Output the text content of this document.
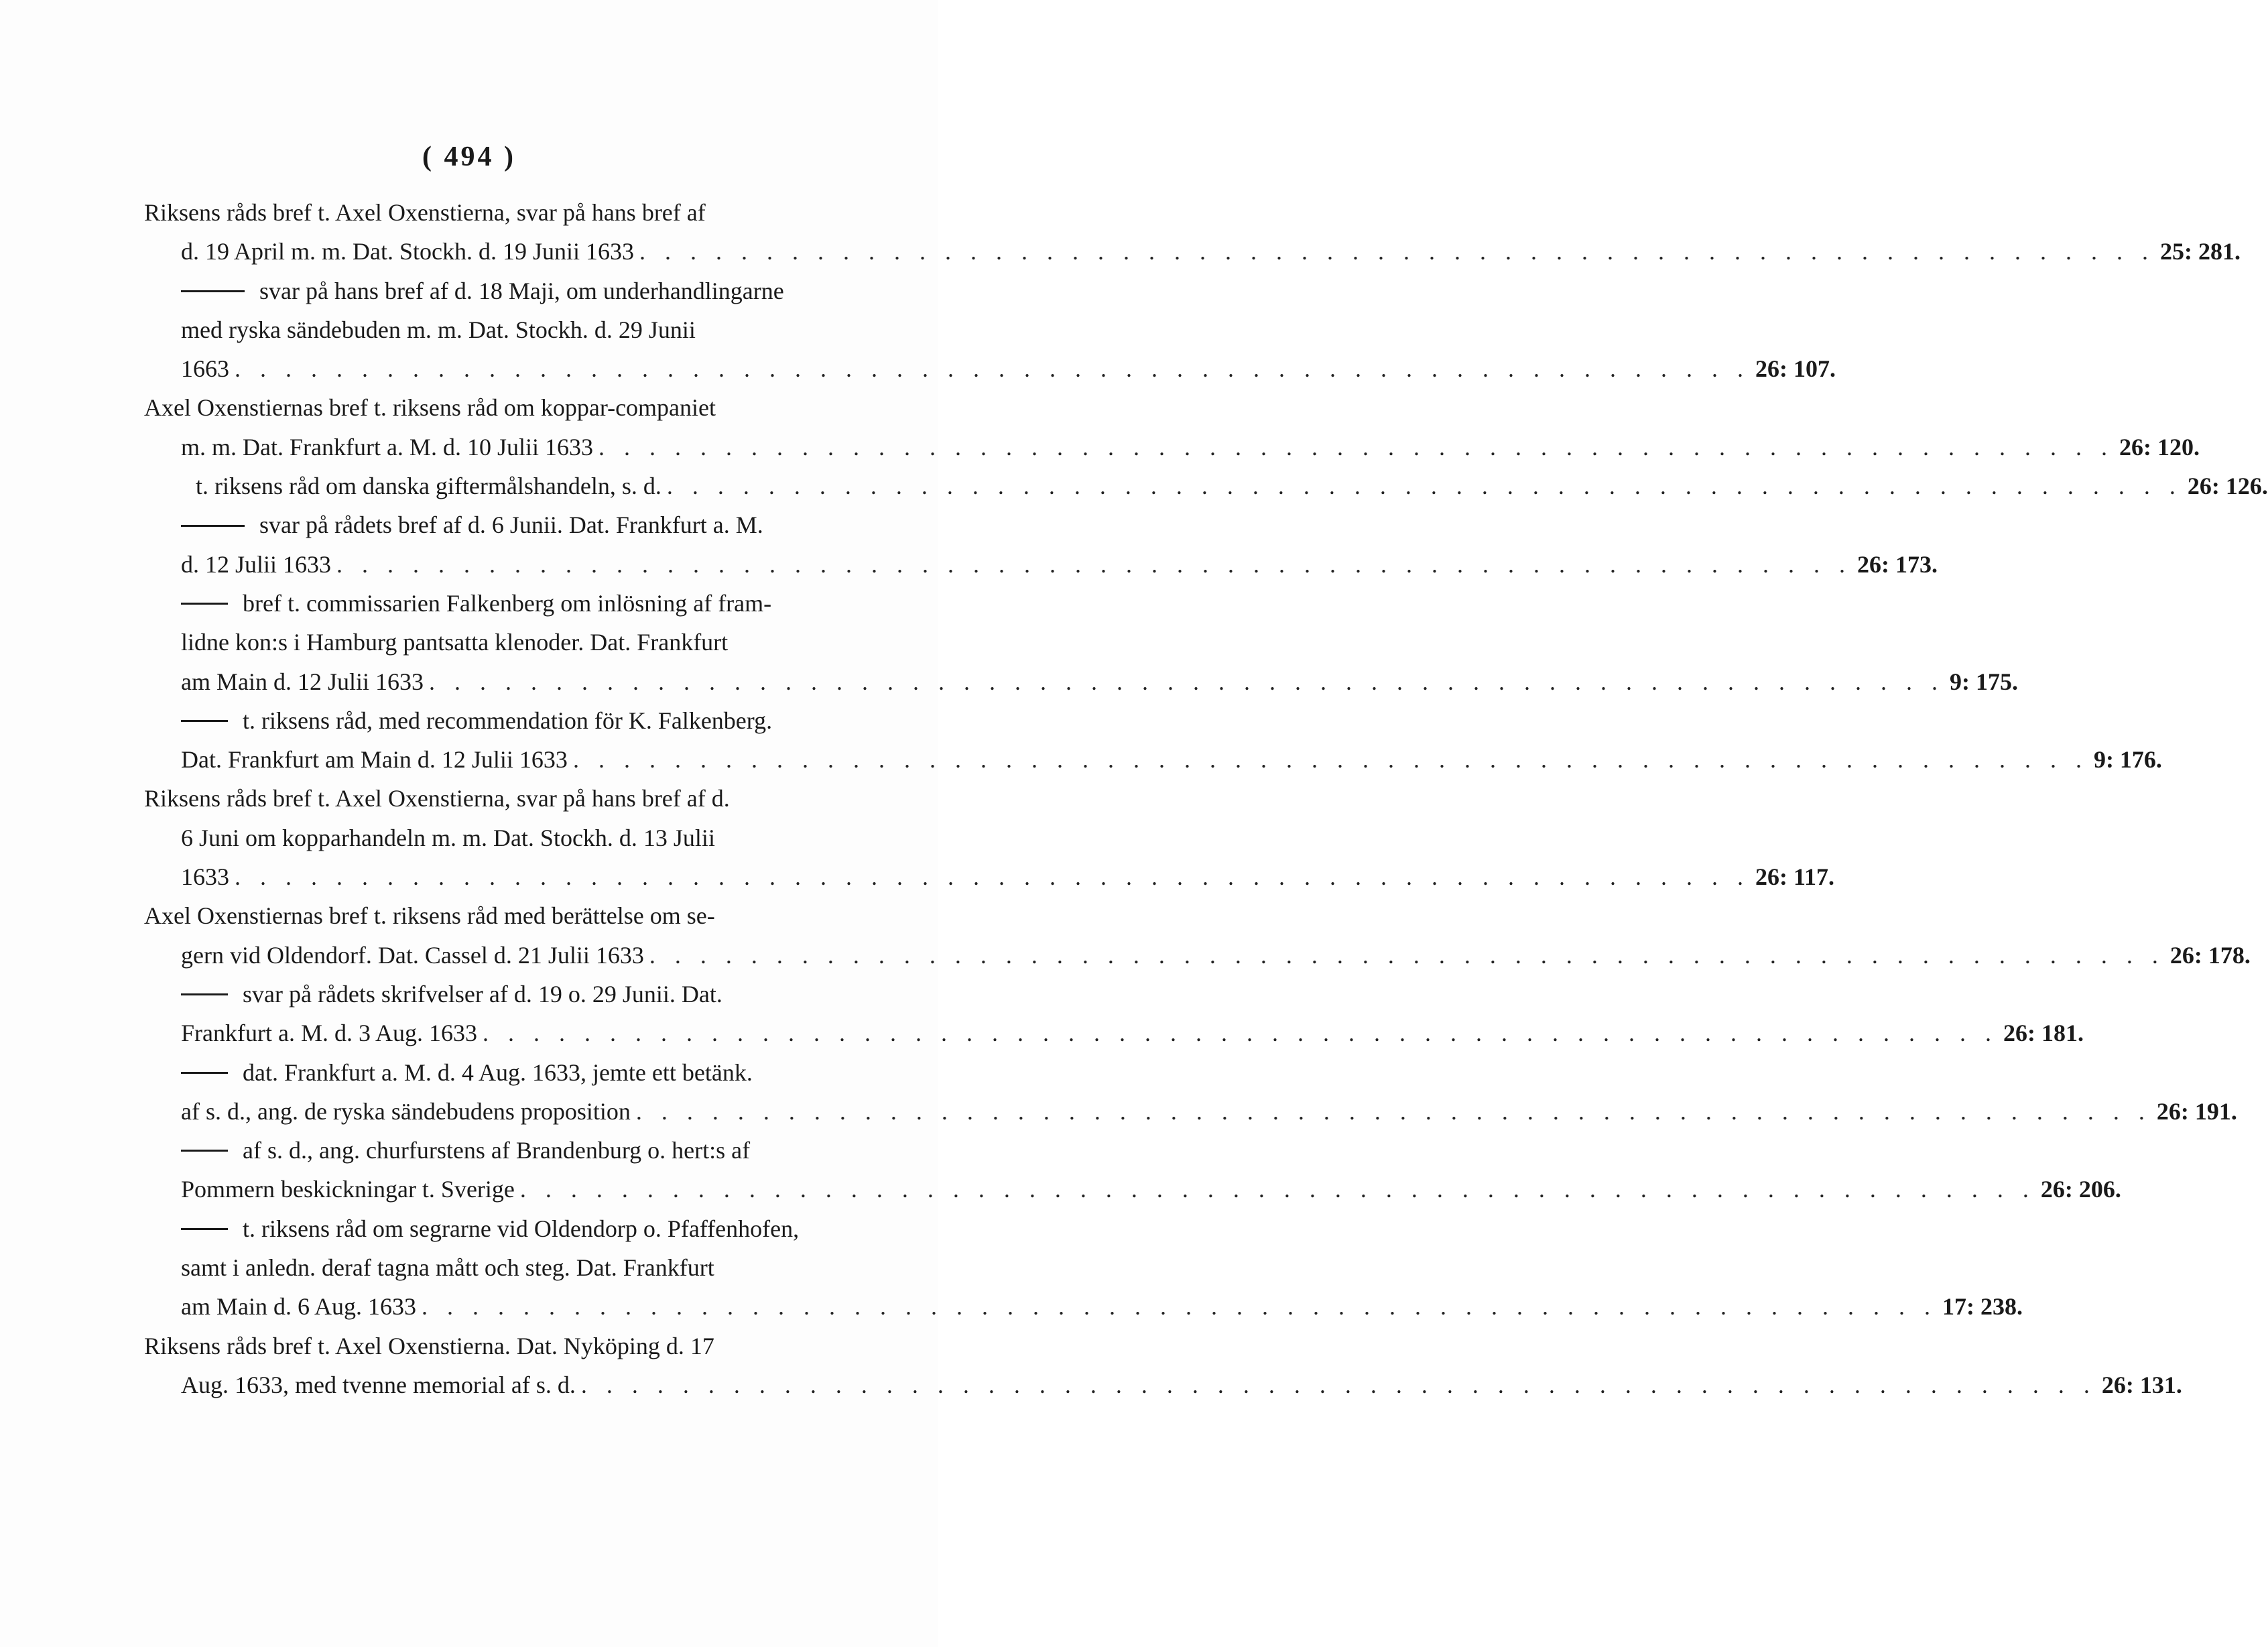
( 494 )
Riksens råds bref t. Axel Oxenstierna, svar på hans bref af
d. 19 April m. m. Dat. Stockh. d. 19 Junii 1633 . . . . . . . . . . . . . . . . . . . . . . . . . . . . . . . . . . . . . . . . . . . . . . . . . . . . . . . . . . . . 25: 281.
svar på hans bref af d. 18 Maji, om underhandlingarne
med ryska sändebuden m. m. Dat. Stockh. d. 29 Junii
1663 . . . . . . . . . . . . . . . . . . . . . . . . . . . . . . . . . . . . . . . . . . . . . . . . . . . . . . . . . . . . 26: 107.
Axel Oxenstiernas bref t. riksens råd om koppar-companiet
m. m. Dat. Frankfurt a. M. d. 10 Julii 1633 . . . . . . . . . . . . . . . . . . . . . . . . . . . . . . . . . . . . . . . . . . . . . . . . . . . . . . . . . . . . 26: 120.
t. riksens råd om danska giftermålshandeln, s. d. . . . . . . . . . . . . . . . . . . . . . . . . . . . . . . . . . . . . . . . . . . . . . . . . . . . . . . . . . . . . 26: 126.
svar på rådets bref af d. 6 Junii. Dat. Frankfurt a. M.
d. 12 Julii 1633 . . . . . . . . . . . . . . . . . . . . . . . . . . . . . . . . . . . . . . . . . . . . . . . . . . . . . . . . . . . . 26: 173.
bref t. commissarien Falkenberg om inlösning af fram-
lidne kon:s i Hamburg pantsatta klenoder. Dat. Frankfurt
am Main d. 12 Julii 1633 . . . . . . . . . . . . . . . . . . . . . . . . . . . . . . . . . . . . . . . . . . . . . . . . . . . . . . . . . . . . 9: 175.
t. riksens råd, med recommendation för K. Falkenberg.
Dat. Frankfurt am Main d. 12 Julii 1633 . . . . . . . . . . . . . . . . . . . . . . . . . . . . . . . . . . . . . . . . . . . . . . . . . . . . . . . . . . . . 9: 176.
Riksens råds bref t. Axel Oxenstierna, svar på hans bref af d.
6 Juni om kopparhandeln m. m. Dat. Stockh. d. 13 Julii
1633 . . . . . . . . . . . . . . . . . . . . . . . . . . . . . . . . . . . . . . . . . . . . . . . . . . . . . . . . . . . . 26: 117.
Axel Oxenstiernas bref t. riksens råd med berättelse om se-
gern vid Oldendorf. Dat. Cassel d. 21 Julii 1633 . . . . . . . . . . . . . . . . . . . . . . . . . . . . . . . . . . . . . . . . . . . . . . . . . . . . . . . . . . . . 26: 178.
svar på rådets skrifvelser af d. 19 o. 29 Junii. Dat.
Frankfurt a. M. d. 3 Aug. 1633 . . . . . . . . . . . . . . . . . . . . . . . . . . . . . . . . . . . . . . . . . . . . . . . . . . . . . . . . . . . . 26: 181.
dat. Frankfurt a. M. d. 4 Aug. 1633, jemte ett betänk.
af s. d., ang. de ryska sändebudens proposition . . . . . . . . . . . . . . . . . . . . . . . . . . . . . . . . . . . . . . . . . . . . . . . . . . . . . . . . . . . . 26: 191.
af s. d., ang. churfurstens af Brandenburg o. hert:s af
Pommern beskickningar t. Sverige . . . . . . . . . . . . . . . . . . . . . . . . . . . . . . . . . . . . . . . . . . . . . . . . . . . . . . . . . . . . 26: 206.
t. riksens råd om segrarne vid Oldendorp o. Pfaffenhofen,
samt i anledn. deraf tagna mått och steg. Dat. Frankfurt
am Main d. 6 Aug. 1633 . . . . . . . . . . . . . . . . . . . . . . . . . . . . . . . . . . . . . . . . . . . . . . . . . . . . . . . . . . . . 17: 238.
Riksens råds bref t. Axel Oxenstierna. Dat. Nyköping d. 17
Aug. 1633, med tvenne memorial af s. d. . . . . . . . . . . . . . . . . . . . . . . . . . . . . . . . . . . . . . . . . . . . . . . . . . . . . . . . . . . . . 26: 131.
